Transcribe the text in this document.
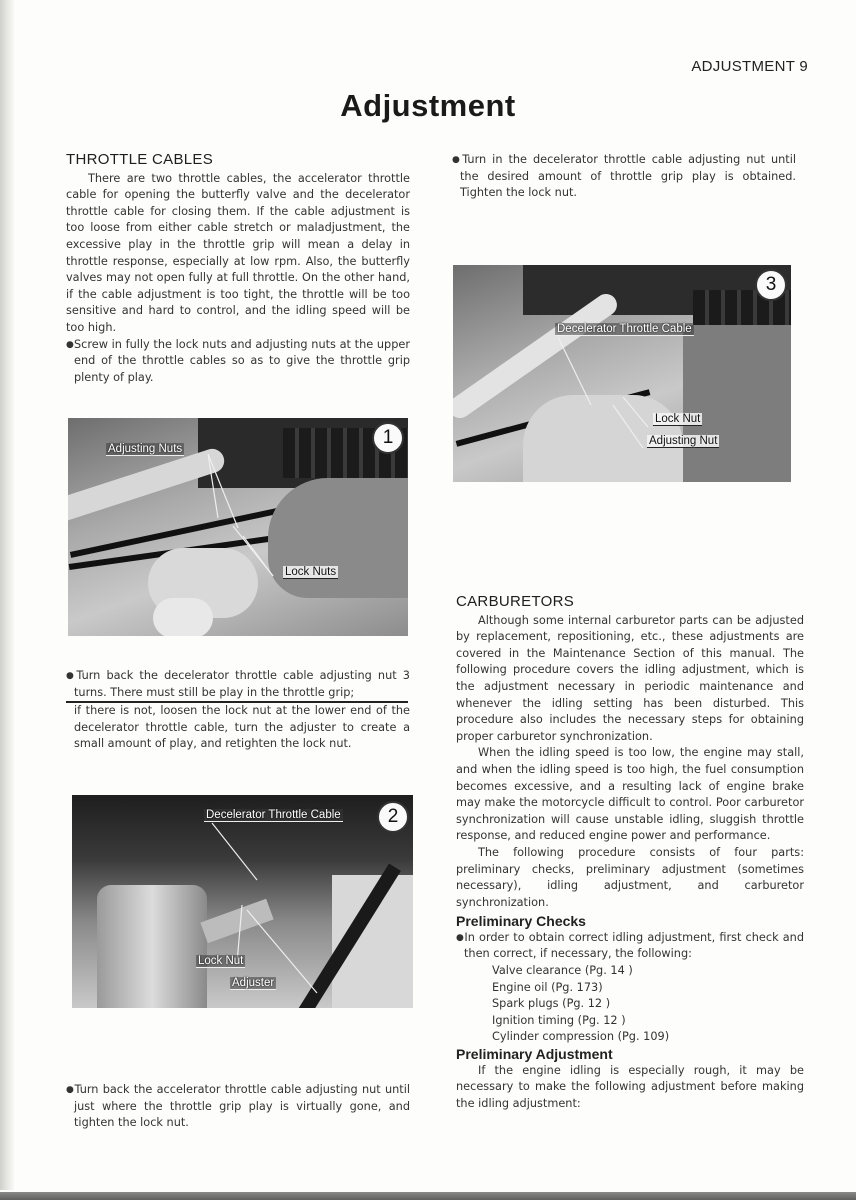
ADJUSTMENT 9
Adjustment
THROTTLE CABLES

There are two throttle cables, the accelerator throttle cable for opening the butterfly valve and the decelerator throttle cable for closing them. If the cable adjustment is too loose from either cable stretch or maladjustment, the excessive play in the throttle grip will mean a delay in throttle response, especially at low rpm. Also, the butterfly valves may not open fully at full throttle. On the other hand, if the cable adjustment is too tight, the throttle will be too sensitive and hard to control, and the idling speed will be too high.

●Screw in fully the lock nuts and adjusting nuts at the upper end of the throttle cables so as to give the throttle grip plenty of play.

1
Adjusting Nuts
Lock Nuts

●Turn back the decelerator throttle cable adjusting nut 3 turns. There must still be play in the throttle grip;

if there is not, loosen the lock nut at the lower end of the decelerator throttle cable, turn the adjuster to create a small amount of play, and retighten the lock nut.

2
Decelerator Throttle Cable
Lock Nut
Adjuster

●Turn back the accelerator throttle cable adjusting nut until just where the throttle grip play is virtually gone, and tighten the lock nut.

●Turn in the decelerator throttle cable adjusting nut until the desired amount of throttle grip play is obtained. Tighten the lock nut.

3
Decelerator Throttle Cable
Lock Nut
Adjusting Nut
CARBURETORS

Although some internal carburetor parts can be adjusted by replacement, repositioning, etc., these adjustments are covered in the Maintenance Section of this manual. The following procedure covers the idling adjustment, which is the adjustment necessary in periodic maintenance and whenever the idling setting has been disturbed. This procedure also includes the necessary steps for obtaining proper carburetor synchronization.

When the idling speed is too low, the engine may stall, and when the idling speed is too high, the fuel consumption becomes excessive, and a resulting lack of engine brake may make the motorcycle difficult to control. Poor carburetor synchronization will cause unstable idling, sluggish throttle response, and reduced engine power and performance.

The following procedure consists of four parts: preliminary checks, preliminary adjustment (sometimes necessary), idling adjustment, and carburetor synchronization.

Preliminary Checks

●In order to obtain correct idling adjustment, first check and then correct, if necessary, the following:

Valve clearance (Pg. 14 )
Engine oil (Pg. 173)
Spark plugs (Pg. 12 )
Ignition timing (Pg. 12 )
Cylinder compression (Pg. 109)
Preliminary Adjustment

If the engine idling is especially rough, it may be necessary to make the following adjustment before making the idling adjustment:
